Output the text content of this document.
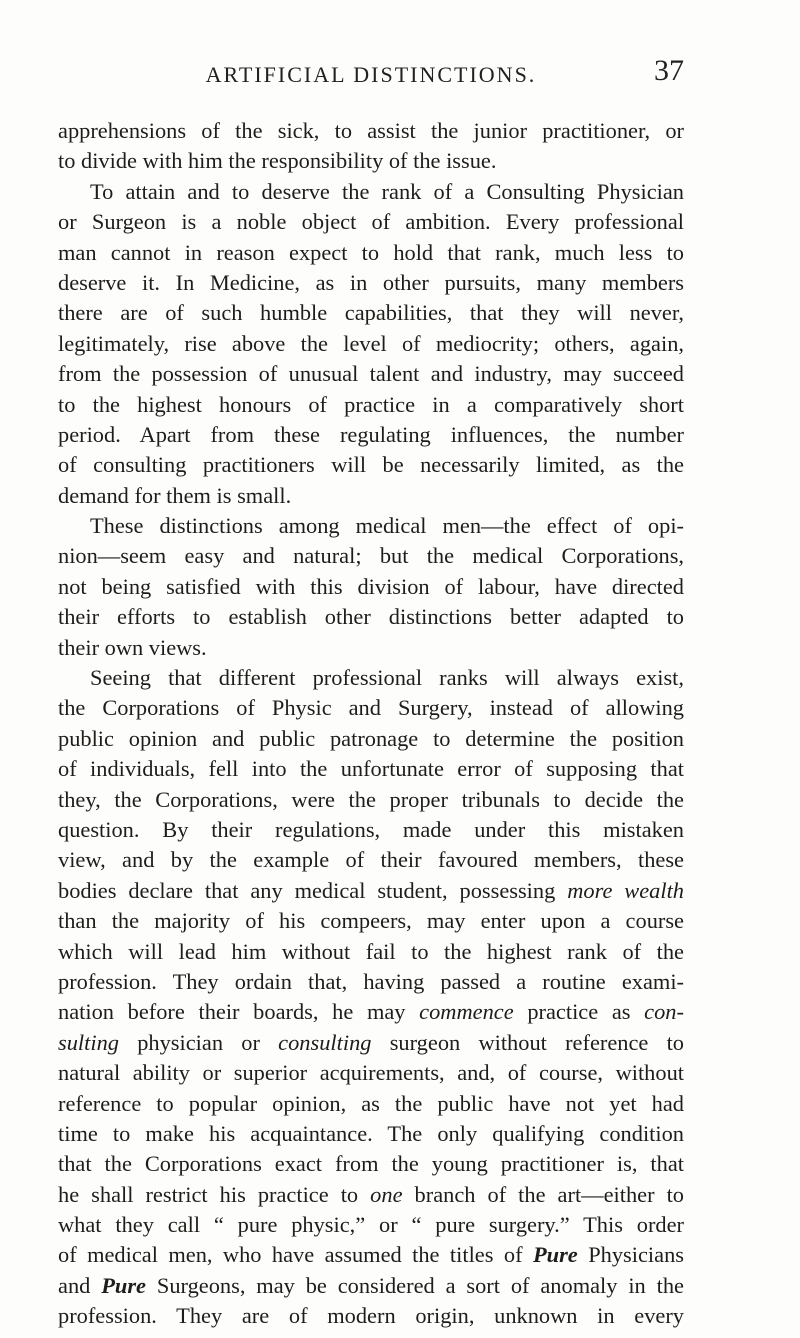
ARTIFICIAL DISTINCTIONS.	37
apprehensions of the sick, to assist the junior practitioner, or
to divide with him the responsibility of the issue.
To attain and to deserve the rank of a Consulting Physician
or Surgeon is a noble object of ambition. Every professional
man cannot in reason expect to hold that rank, much less to
deserve it. In Medicine, as in other pursuits, many members
there are of such humble capabilities, that they will never,
legitimately, rise above the level of mediocrity; others, again,
from the possession of unusual talent and industry, may succeed
to the highest honours of practice in a comparatively short
period. Apart from these regulating influences, the number
of consulting practitioners will be necessarily limited, as the
demand for them is small.
These distinctions among medical men—the effect of opi-
nion—seem easy and natural; but the medical Corporations,
not being satisfied with this division of labour, have directed
their efforts to establish other distinctions better adapted to
their own views.
Seeing that different professional ranks will always exist,
the Corporations of Physic and Surgery, instead of allowing
public opinion and public patronage to determine the position
of individuals, fell into the unfortunate error of supposing that
they, the Corporations, were the proper tribunals to decide the
question. By their regulations, made under this mistaken
view, and by the example of their favoured members, these
bodies declare that any medical student, possessing more wealth
than the majority of his compeers, may enter upon a course
which will lead him without fail to the highest rank of the
profession. They ordain that, having passed a routine exami-
nation before their boards, he may commence practice as con-
sulting physician or consulting surgeon without reference to
natural ability or superior acquirements, and, of course, without
reference to popular opinion, as the public have not yet had
time to make his acquaintance. The only qualifying condition
that the Corporations exact from the young practitioner is, that
he shall restrict his practice to one branch of the art—either to
what they call “ pure physic,” or “ pure surgery.” This order
of medical men, who have assumed the titles of Pure Physicians
and Pure Surgeons, may be considered a sort of anomaly in the
profession. They are of modern origin, unknown in every
